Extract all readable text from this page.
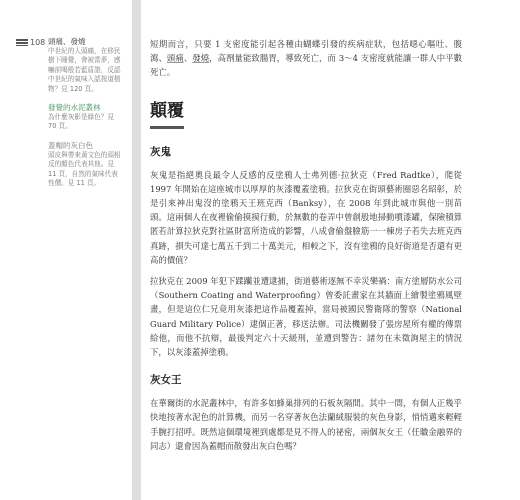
108 頭痛、發燒

中世紀的人頭痛，在移民樹下睡覺，會被當夢，感嚇前喝般若藍盾證，反認中世紀的氣味入認按道植物？見 120 頁。

發覺的水泥叢林

為什麼灰影是綠色？見 70 頁。

蓋帽的灰白色

頭皮與帶來黃文色的頭相反的顏色代表其他。見 11 頁，自然的氣味代表性價。見 11 頁。

短期而言，只要 1 支密度能引起各種由蝴蝶引發的疾病症狀，包括噁心嘔吐、腹瀉、頭痛、發燒，高劑量能致腸胃，導致死亡，而 3～4 支密度就能讓一群人中平數死亡。

顛覆
灰鬼

灰鬼是指絕奧良最令人反感的反塗鴉人士弗列德·拉狄克（Fred Radtke），爬從 1997 年開始在這座城市以厚厚的灰漆覆蓋塗鴉。拉狄克在街頭藝術圈惡名昭彰，於是引來神出鬼沒的塗鴉天王班克西（Banksy），在 2008 年到此城市與他一別苗頭。這兩個人在夜裡偷偷摸摸行動，於無數的卷弄中曾創般地掃動噴漆罐，保險積算匿若計算拉狄克對社區財富所造成的影響，八成會偷盤臉筋一一棟房子若失去班克西真跡，損失可達七萬五千到二十萬美元，相較之下，沒有塗鴉的良好街道是否還有更高的價值？

拉狄克在 2009 年犯下蹂躪並遭逮捕，街道藝術逐無不幸災樂禍：南方塗層防水公司（Southern Coating and Waterproofing）曾委託畫家在其牆面上繪製塗鴉風壁畫，但是這位仁兄竟用灰漆把這作品覆蓋掉，當局被國民警衛隊的警察（National Guard Military Police）逮個正著，移送法辦。司法機關發了張房屋所有權的傳票給他，而他不抗辯，最後判定六十天緩刑，並遭到警告：諸勿在未徵詢屋主的情況下，以灰漆蓋掉塗鴉。

灰女王

在華爾街的水泥叢林中，有許多如蜂巢排列的石板灰隔間。其中一間，有個人正幾乎快地按著水泥色的計算機，而另一名穿著灰色法蘭絨服裝的灰色身影，悄悄邁來輕輕手腕打招呼。既然這個環境裡到處都是見不得人的祕密，兩個灰女王（任職金融界的同志）還會因為蓋帽而散發出灰白色嗎？
